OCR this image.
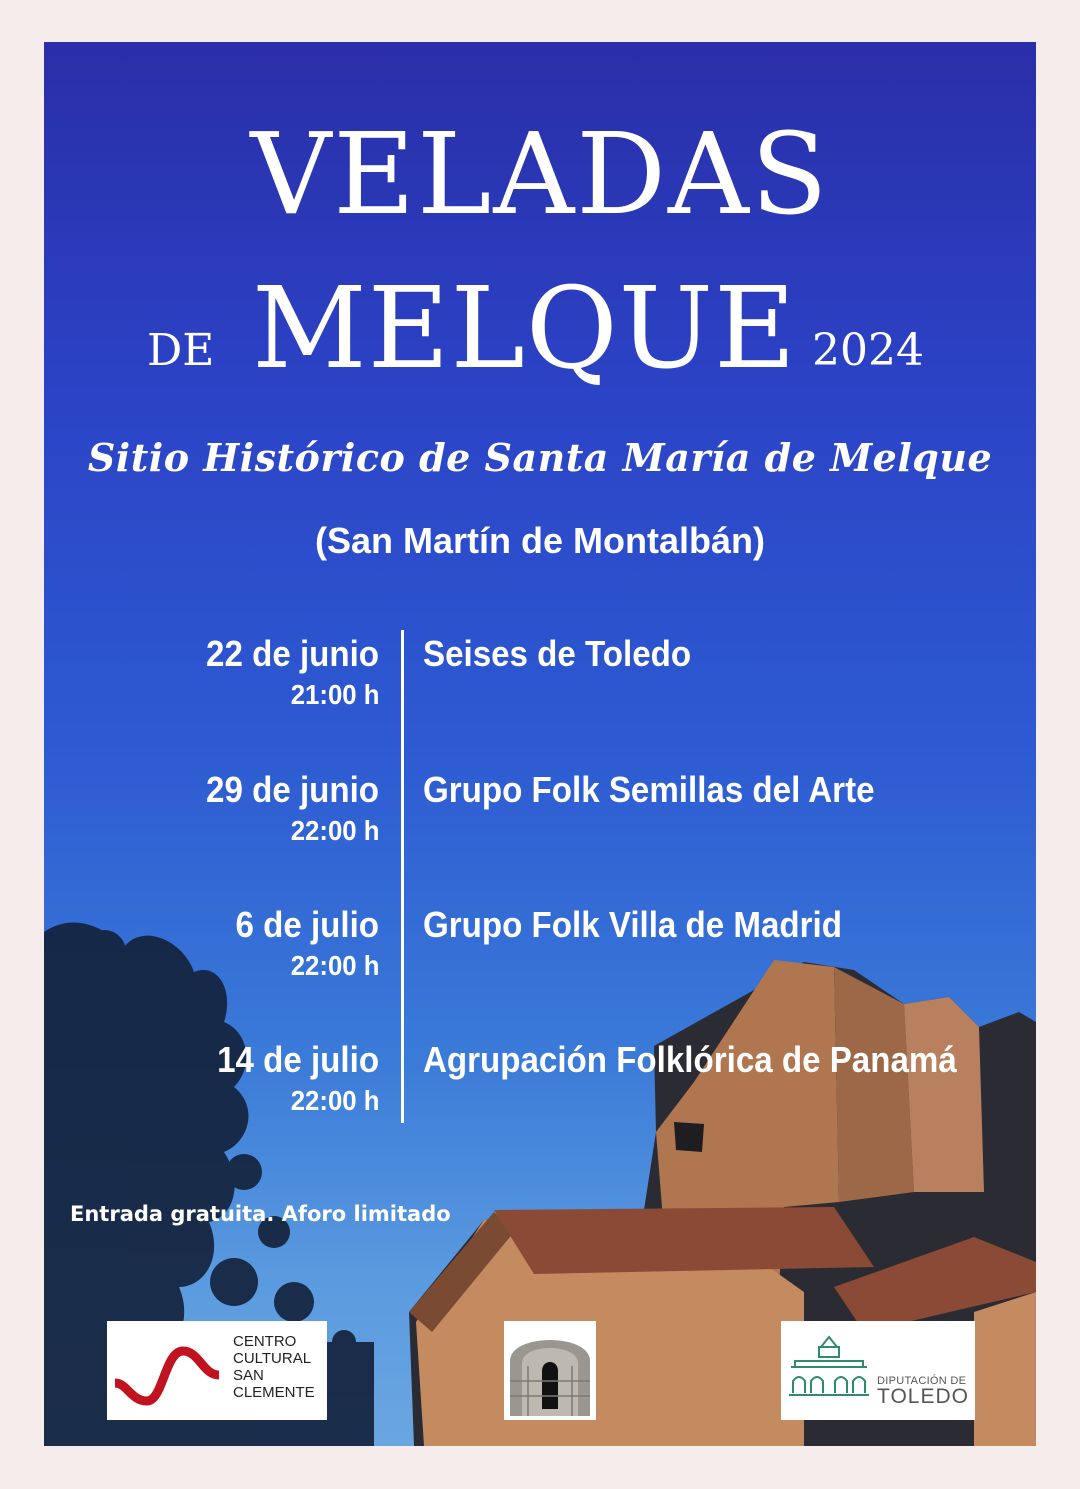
VELADAS

DE MELQUE 2024

Sitio Histórico de Santa María de Melque

(San Martín de Montalbán)

22 de junio

21:00 h

Seises de Toledo

29 de junio

22:00 h

Grupo Folk Semillas del Arte

6 de julio

22:00 h

Grupo Folk Villa de Madrid

14 de julio

22:00 h

Agrupación Folklórica de Panamá

Entrada gratuita. Aforo limitado

CENTRO
CULTURAL
SAN
CLEMENTE

DIPUTACIÓN DE
TOLEDO
